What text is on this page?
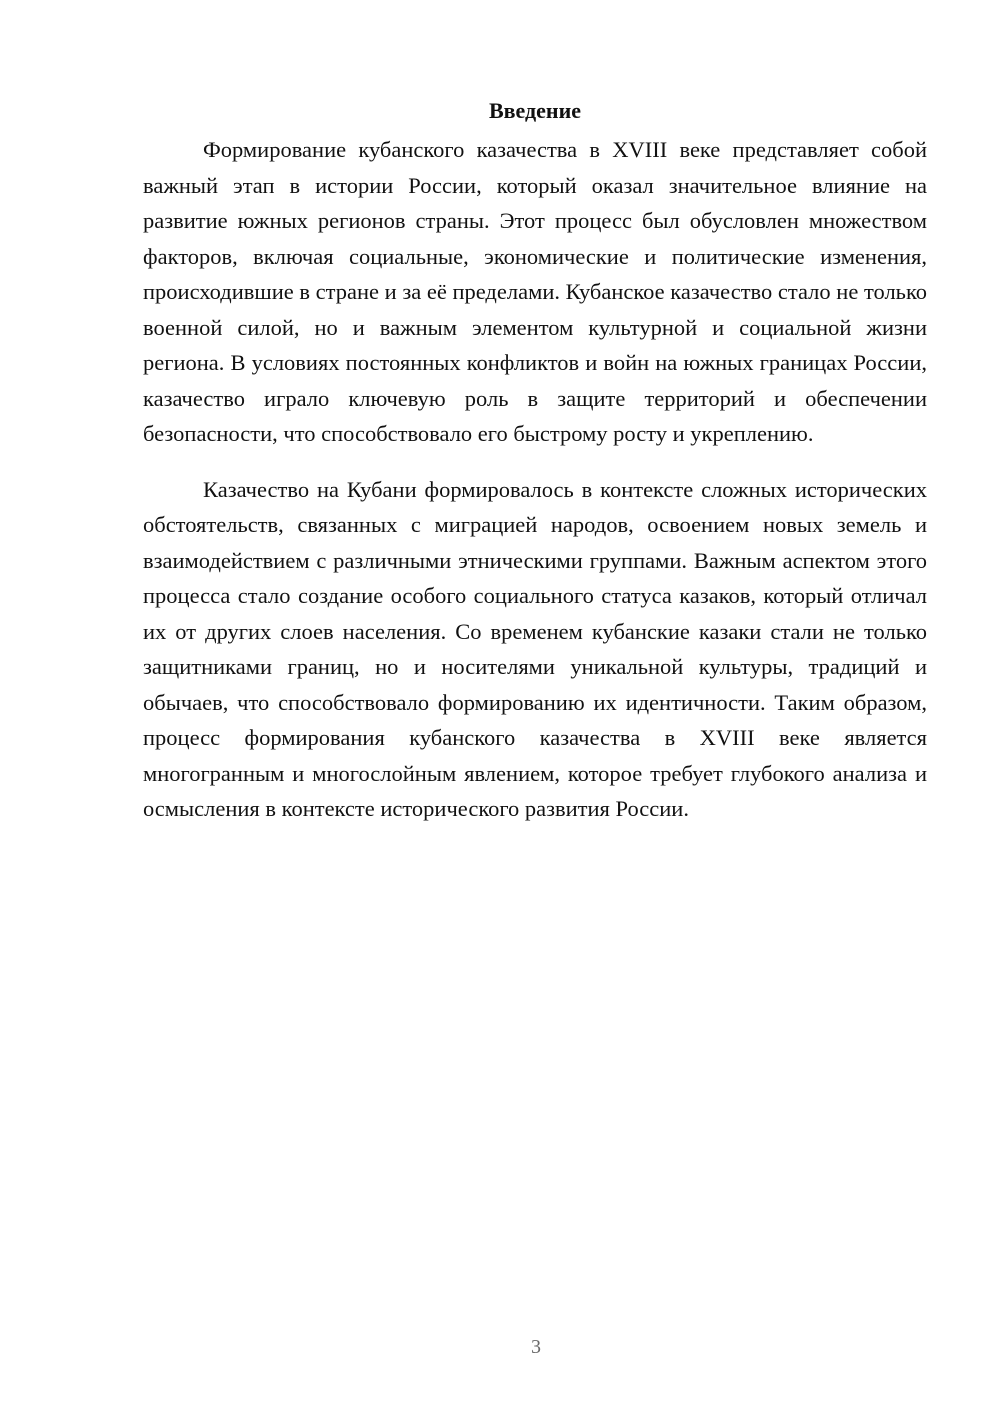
Введение

Формирование кубанского казачества в XVIII веке представляет собой важный этап в истории России, который оказал значительное влияние на развитие южных регионов страны. Этот процесс был обусловлен множеством факторов, включая социальные, экономические и политические изменения, происходившие в стране и за её пределами. Кубанское казачество стало не только военной силой, но и важным элементом культурной и социальной жизни региона. В условиях постоянных конфликтов и войн на южных границах России, казачество играло ключевую роль в защите территорий и обеспечении безопасности, что способствовало его быстрому росту и укреплению.

Казачество на Кубани формировалось в контексте сложных исторических обстоятельств, связанных с миграцией народов, освоением новых земель и взаимодействием с различными этническими группами. Важным аспектом этого процесса стало создание особого социального статуса казаков, который отличал их от других слоев населения. Со временем кубанские казаки стали не только защитниками границ, но и носителями уникальной культуры, традиций и обычаев, что способствовало формированию их идентичности. Таким образом, процесс формирования кубанского казачества в XVIII веке является многогранным и многослойным явлением, которое требует глубокого анализа и осмысления в контексте исторического развития России.

3
